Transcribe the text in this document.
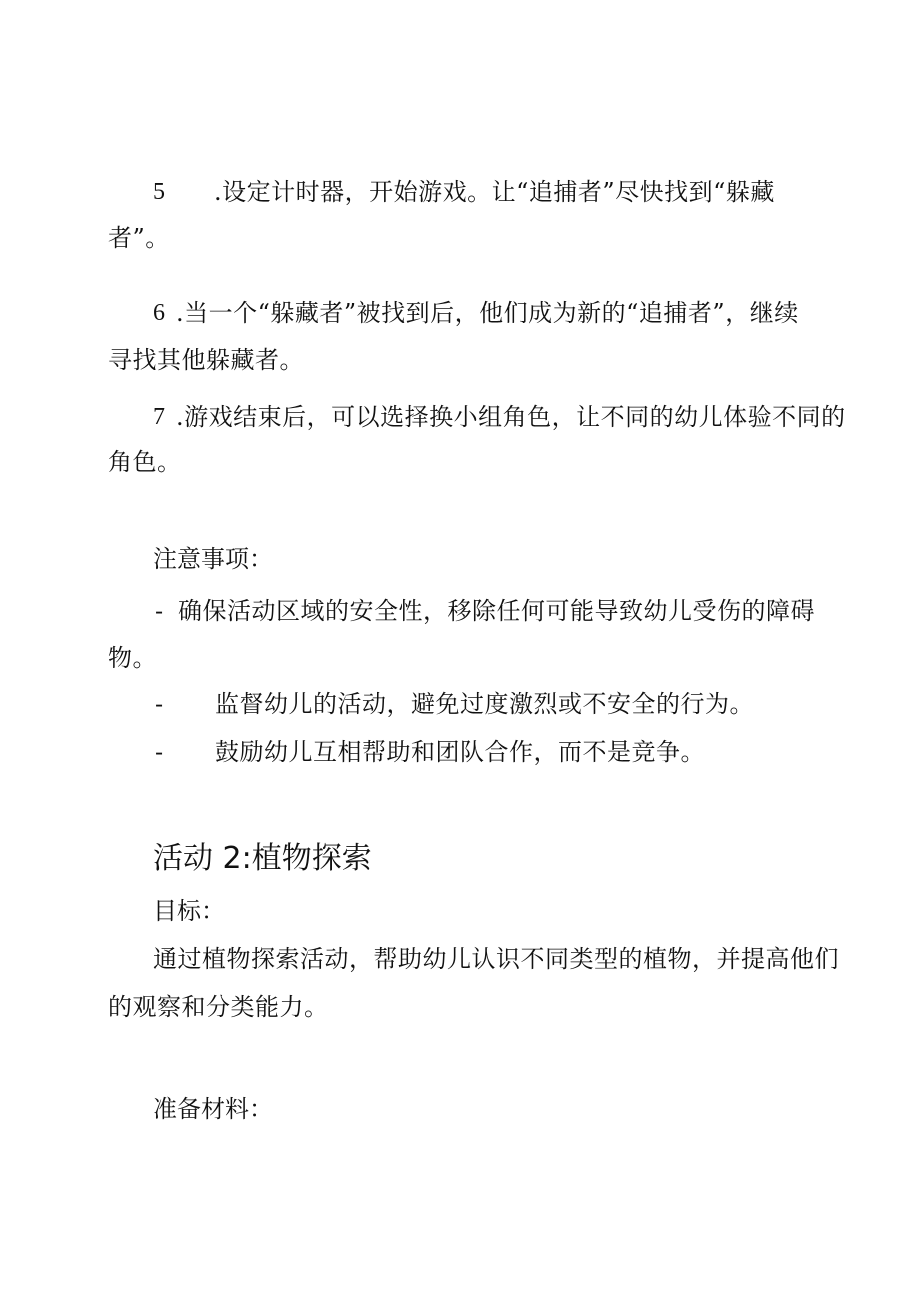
5 .设定计时器，开始游戏。让“追捕者”尽快找到“躲藏
者”。
6 .当一个“躲藏者”被找到后，他们成为新的“追捕者”，继续
寻找其他躲藏者。
7 .游戏结束后，可以选择换小组角色，让不同的幼儿体验不同的
角色。
注意事项：
- 确保活动区域的安全性，移除任何可能导致幼儿受伤的障碍
物。
- 监督幼儿的活动，避免过度激烈或不安全的行为。
- 鼓励幼儿互相帮助和团队合作，而不是竞争。
活动 2:植物探索
目标：
通过植物探索活动，帮助幼儿认识不同类型的植物，并提高他们
的观察和分类能力。
准备材料：
